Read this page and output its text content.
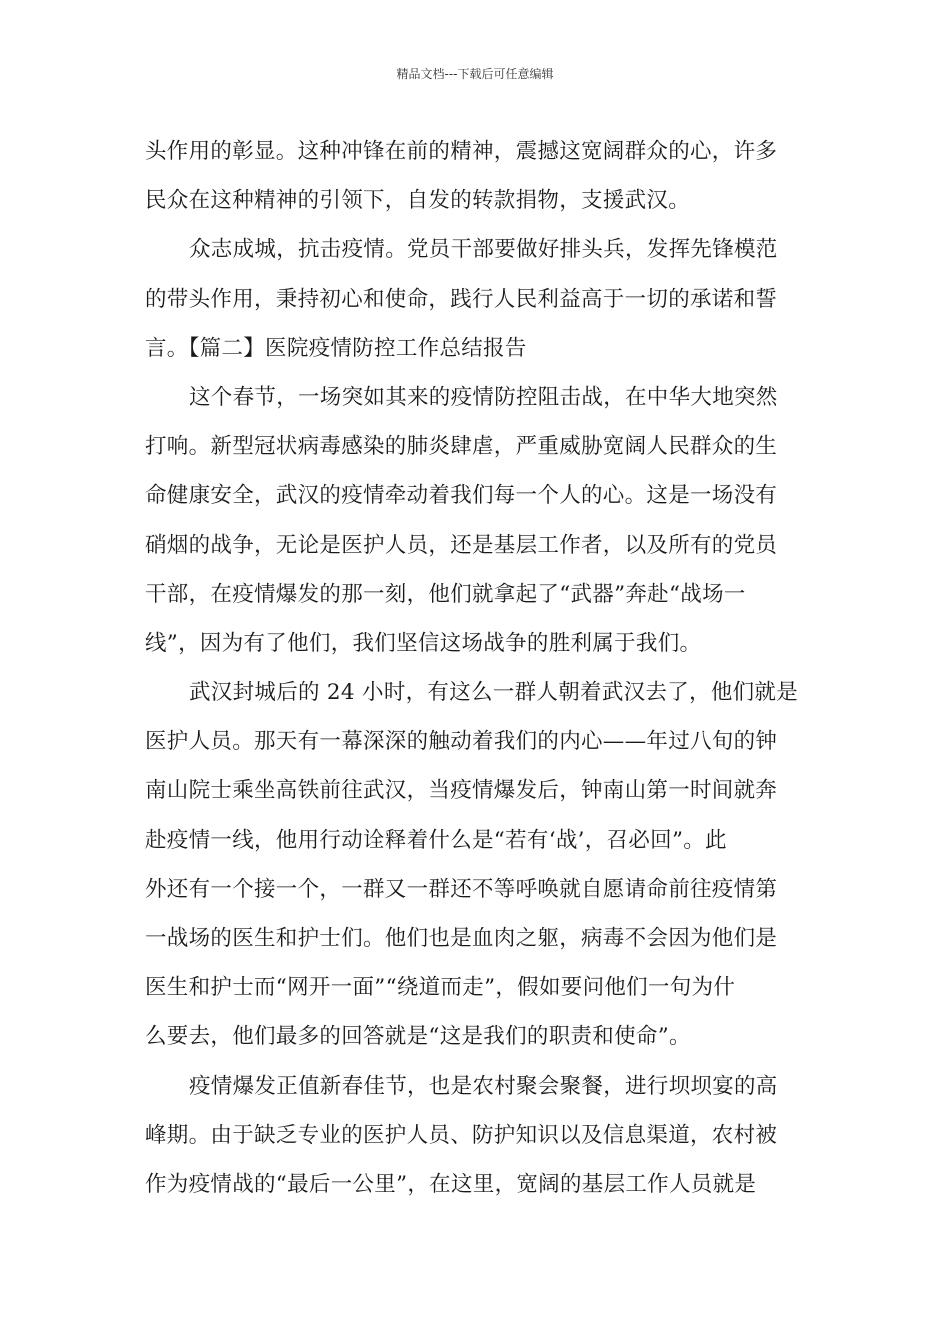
精品文档---下载后可任意编辑
头作用的彰显。这种冲锋在前的精神，震撼这宽阔群众的心，许多
民众在这种精神的引领下，自发的转款捐物，支援武汉。
众志成城，抗击疫情。党员干部要做好排头兵，发挥先锋模范
的带头作用，秉持初心和使命，践行人民利益高于一切的承诺和誓
言。【篇二】医院疫情防控工作总结报告
这个春节，一场突如其来的疫情防控阻击战，在中华大地突然
打响。新型冠状病毒感染的肺炎肆虐，严重威胁宽阔人民群众的生
命健康安全，武汉的疫情牵动着我们每一个人的心。这是一场没有
硝烟的战争，无论是医护人员，还是基层工作者，以及所有的党员
干部，在疫情爆发的那一刻，他们就拿起了“武器”奔赴“战场一
线”，因为有了他们，我们坚信这场战争的胜利属于我们。
武汉封城后的 24 小时，有这么一群人朝着武汉去了，他们就是
医护人员。那天有一幕深深的触动着我们的内心——年过八旬的钟
南山院士乘坐高铁前往武汉，当疫情爆发后，钟南山第一时间就奔
赴疫情一线，他用行动诠释着什么是“若有‘战’，召必回”。此
外还有一个接一个，一群又一群还不等呼唤就自愿请命前往疫情第
一战场的医生和护士们。他们也是血肉之躯，病毒不会因为他们是
医生和护士而“网开一面”“绕道而走”，假如要问他们一句为什
么要去，他们最多的回答就是“这是我们的职责和使命”。
疫情爆发正值新春佳节，也是农村聚会聚餐，进行坝坝宴的高
峰期。由于缺乏专业的医护人员、防护知识以及信息渠道，农村被
作为疫情战的“最后一公里”，在这里，宽阔的基层工作人员就是
